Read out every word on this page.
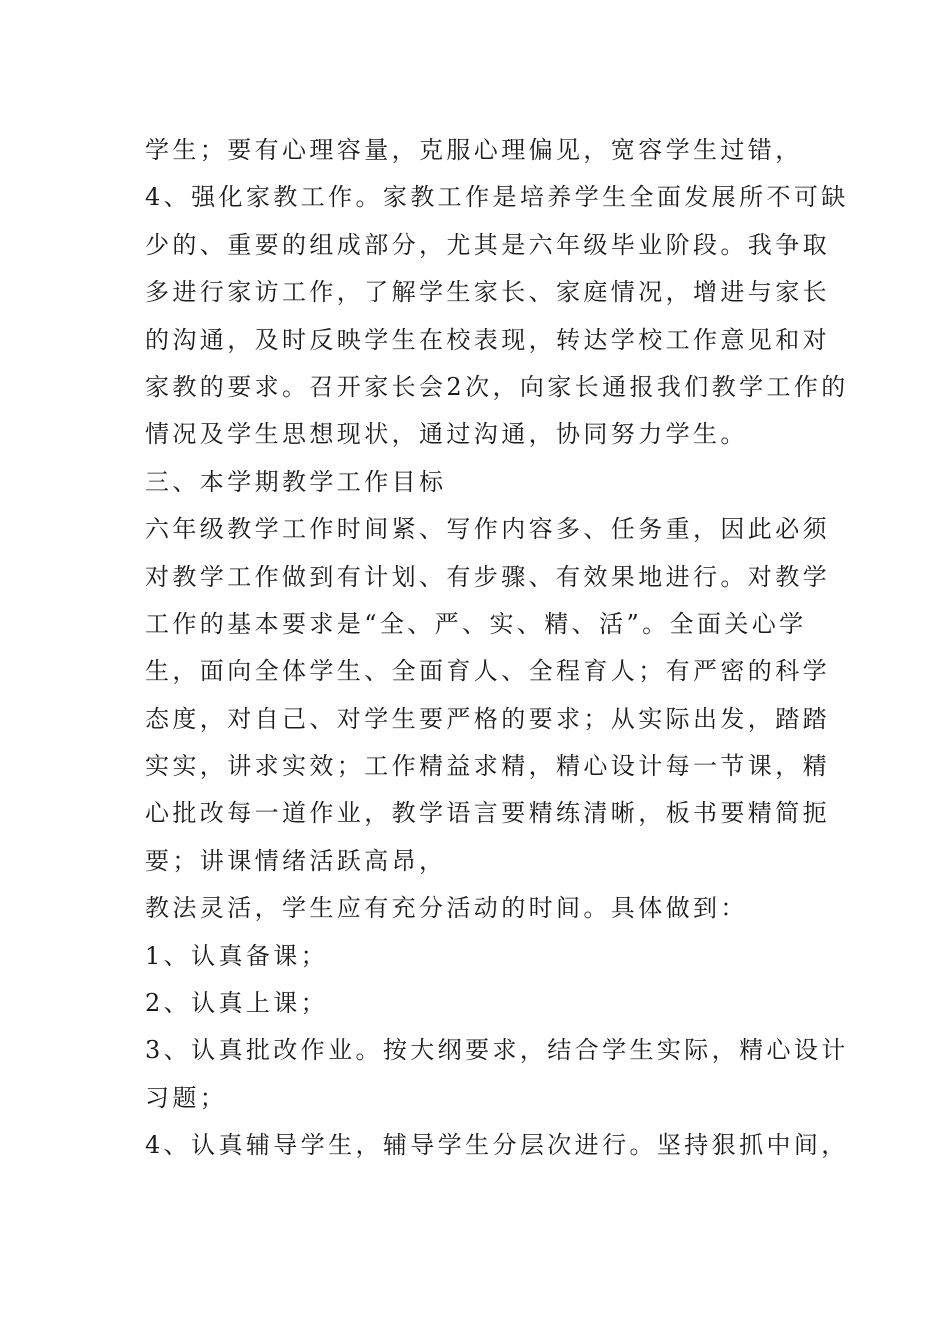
学生；要有心理容量，克服心理偏见，宽容学生过错，
4、强化家教工作。家教工作是培养学生全面发展所不可缺
少的、重要的组成部分，尤其是六年级毕业阶段。我争取
多进行家访工作，了解学生家长、家庭情况，增进与家长
的沟通，及时反映学生在校表现，转达学校工作意见和对
家教的要求。召开家长会2次，向家长通报我们教学工作的
情况及学生思想现状，通过沟通，协同努力学生。
三、本学期教学工作目标
六年级教学工作时间紧、写作内容多、任务重，因此必须
对教学工作做到有计划、有步骤、有效果地进行。对教学
工作的基本要求是“全、严、实、精、活”。全面关心学
生，面向全体学生、全面育人、全程育人；有严密的科学
态度，对自己、对学生要严格的要求；从实际出发，踏踏
实实，讲求实效；工作精益求精，精心设计每一节课，精
心批改每一道作业，教学语言要精练清晰，板书要精简扼
要；讲课情绪活跃高昂，
教法灵活，学生应有充分活动的时间。具体做到：
1、认真备课；
2、认真上课；
3、认真批改作业。按大纲要求，结合学生实际，精心设计
习题；
4、认真辅导学生，辅导学生分层次进行。坚持狠抓中间，
